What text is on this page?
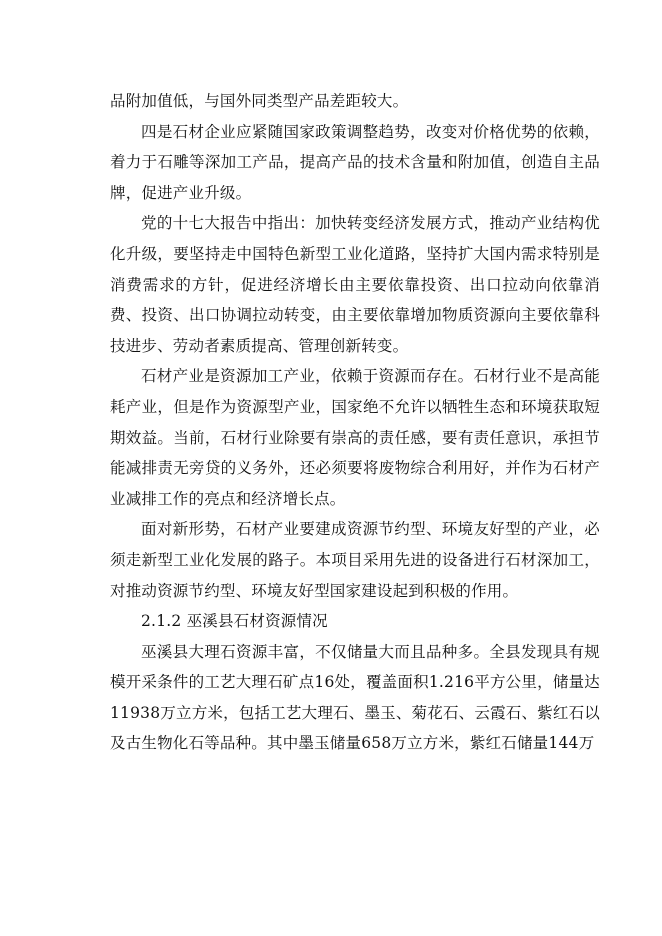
品附加值低，与国外同类型产品差距较大。

四是石材企业应紧随国家政策调整趋势，改变对价格优势的依赖，着力于石雕等深加工产品，提高产品的技术含量和附加值，创造自主品牌，促进产业升级。

党的十七大报告中指出：加快转变经济发展方式，推动产业结构优化升级，要坚持走中国特色新型工业化道路，坚持扩大国内需求特别是消费需求的方针，促进经济增长由主要依靠投资、出口拉动向依靠消费、投资、出口协调拉动转变，由主要依靠增加物质资源向主要依靠科技进步、劳动者素质提高、管理创新转变。

石材产业是资源加工产业，依赖于资源而存在。石材行业不是高能耗产业，但是作为资源型产业，国家绝不允许以牺牲生态和环境获取短期效益。当前，石材行业除要有崇高的责任感，要有责任意识，承担节能减排责无旁贷的义务外，还必须要将废物综合利用好，并作为石材产业减排工作的亮点和经济增长点。

面对新形势，石材产业要建成资源节约型、环境友好型的产业，必须走新型工业化发展的路子。本项目采用先进的设备进行石材深加工，对推动资源节约型、环境友好型国家建设起到积极的作用。

2.1.2 巫溪县石材资源情况

巫溪县大理石资源丰富，不仅储量大而且品种多。全县发现具有规模开采条件的工艺大理石矿点16处，覆盖面积1.216平方公里，储量达11938万立方米，包括工艺大理石、墨玉、菊花石、云霞石、紫红石以及古生物化石等品种。其中墨玉储量658万立方米，紫红石储量144万
